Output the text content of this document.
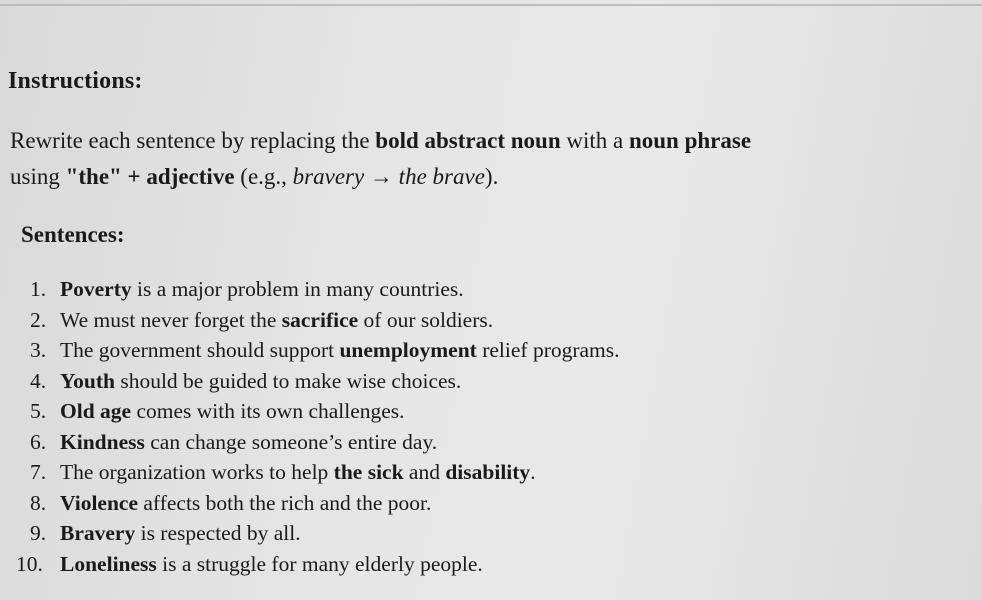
Instructions:

Rewrite each sentence by replacing the bold abstract noun with a noun phrase
using "the" + adjective (e.g., bravery → the brave).

Sentences:
1. Poverty is a major problem in many countries.
2. We must never forget the sacrifice of our soldiers.
3. The government should support unemployment relief programs.
4. Youth should be guided to make wise choices.
5. Old age comes with its own challenges.
6. Kindness can change someone’s entire day.
7. The organization works to help the sick and disability.
8. Violence affects both the rich and the poor.
9. Bravery is respected by all.
10. Loneliness is a struggle for many elderly people.
